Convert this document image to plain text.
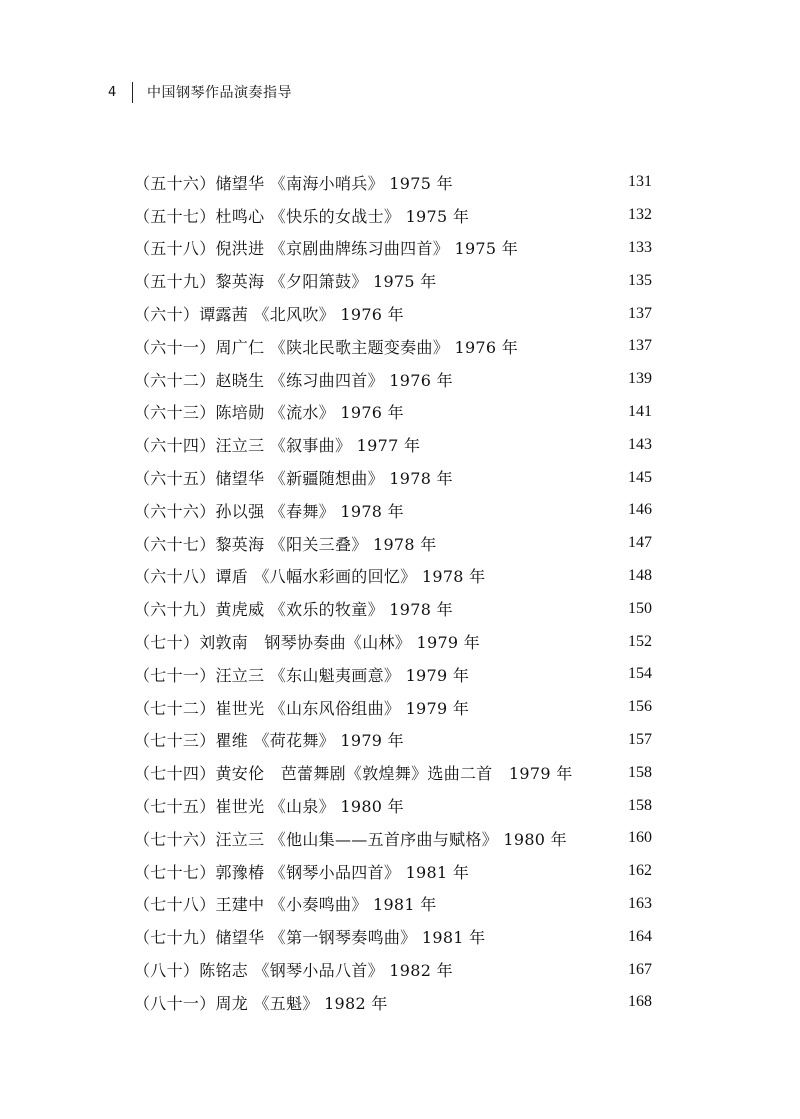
4	中国钢琴作品演奏指导
（五十六）储望华 《南海小哨兵》 1975 年	131
（五十七）杜鸣心 《快乐的女战士》 1975 年	132
（五十八）倪洪进 《京剧曲牌练习曲四首》 1975 年	133
（五十九）黎英海 《夕阳箫鼓》 1975 年	135
（六十）谭露茜 《北风吹》 1976 年	137
（六十一）周广仁 《陕北民歌主题变奏曲》 1976 年	137
（六十二）赵晓生 《练习曲四首》 1976 年	139
（六十三）陈培勋 《流水》 1976 年	141
（六十四）汪立三 《叙事曲》 1977 年	143
（六十五）储望华 《新疆随想曲》 1978 年	145
（六十六）孙以强 《春舞》 1978 年	146
（六十七）黎英海 《阳关三叠》 1978 年	147
（六十八）谭盾 《八幅水彩画的回忆》 1978 年	148
（六十九）黄虎威 《欢乐的牧童》 1978 年	150
（七十）刘敦南　钢琴协奏曲《山林》 1979 年	152
（七十一）汪立三 《东山魁夷画意》 1979 年	154
（七十二）崔世光 《山东风俗组曲》 1979 年	156
（七十三）瞿维 《荷花舞》 1979 年	157
（七十四）黄安伦　芭蕾舞剧《敦煌舞》选曲二首　1979 年	158
（七十五）崔世光 《山泉》 1980 年	158
（七十六）汪立三 《他山集——五首序曲与赋格》 1980 年	160
（七十七）郭豫椿 《钢琴小品四首》 1981 年	162
（七十八）王建中 《小奏鸣曲》 1981 年	163
（七十九）储望华 《第一钢琴奏鸣曲》 1981 年	164
（八十）陈铭志 《钢琴小品八首》 1982 年	167
（八十一）周龙 《五魁》 1982 年	168
